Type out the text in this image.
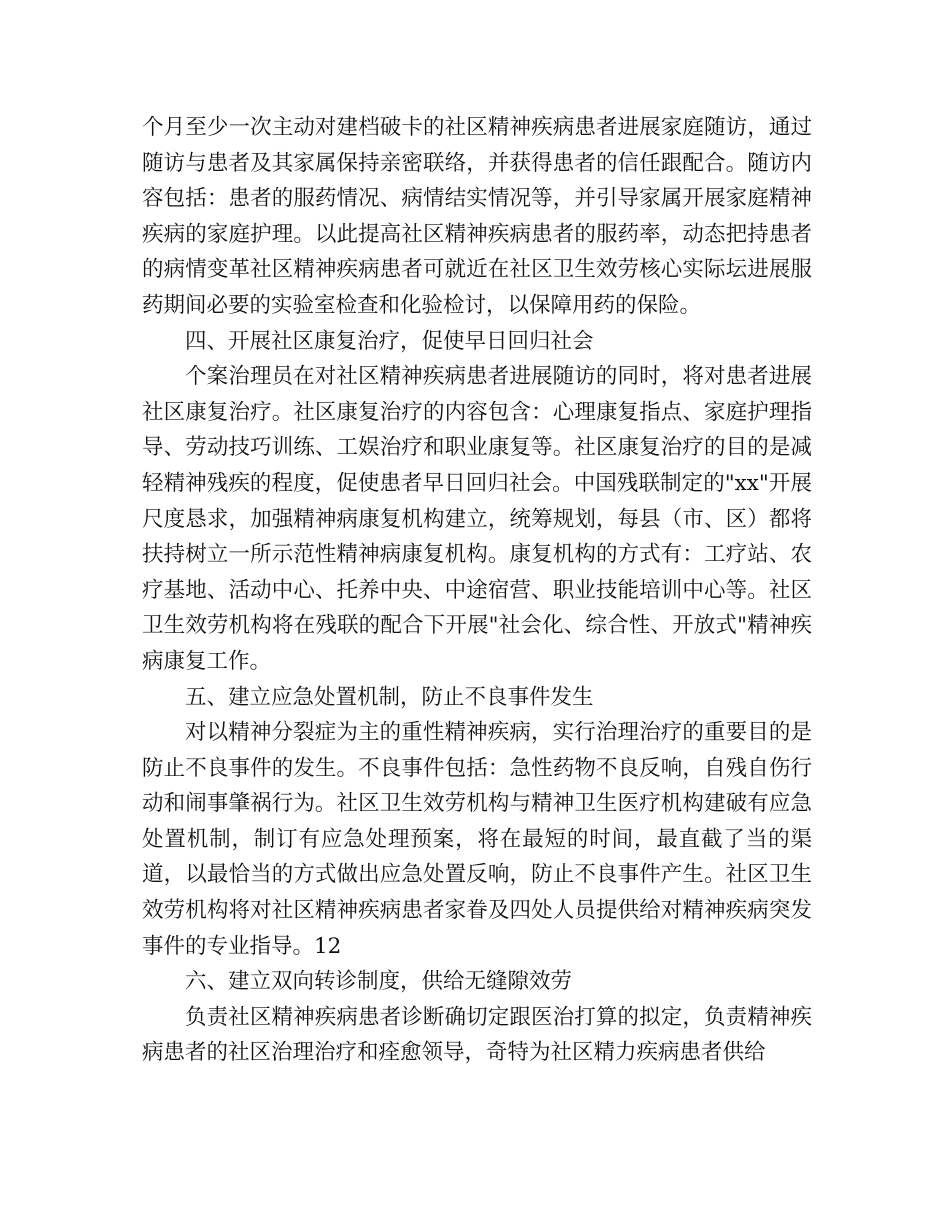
个月至少一次主动对建档破卡的社区精神疾病患者进展家庭随访，通过随访与患者及其家属保持亲密联络，并获得患者的信任跟配合。随访内容包括：患者的服药情况、病情结实情况等，并引导家属开展家庭精神疾病的家庭护理。以此提高社区精神疾病患者的服药率，动态把持患者的病情变革社区精神疾病患者可就近在社区卫生效劳核心实际坛进展服药期间必要的实验室检查和化验检讨，以保障用药的保险。

四、开展社区康复治疗，促使早日回归社会

个案治理员在对社区精神疾病患者进展随访的同时，将对患者进展社区康复治疗。社区康复治疗的内容包含：心理康复指点、家庭护理指导、劳动技巧训练、工娱治疗和职业康复等。社区康复治疗的目的是减轻精神残疾的程度，促使患者早日回归社会。中国残联制定的"xx"开展尺度恳求，加强精神病康复机构建立，统筹规划，每县（市、区）都将扶持树立一所示范性精神病康复机构。康复机构的方式有：工疗站、农疗基地、活动中心、托养中央、中途宿营、职业技能培训中心等。社区卫生效劳机构将在残联的配合下开展"社会化、综合性、开放式"精神疾病康复工作。

五、建立应急处置机制，防止不良事件发生

对以精神分裂症为主的重性精神疾病，实行治理治疗的重要目的是防止不良事件的发生。不良事件包括：急性药物不良反响，自残自伤行动和闹事肇祸行为。社区卫生效劳机构与精神卫生医疗机构建破有应急处置机制，制订有应急处理预案，将在最短的时间，最直截了当的渠道，以最恰当的方式做出应急处置反响，防止不良事件产生。社区卫生效劳机构将对社区精神疾病患者家眷及四处人员提供给对精神疾病突发事件的专业指导。12

六、建立双向转诊制度，供给无缝隙效劳

负责社区精神疾病患者诊断确切定跟医治打算的拟定，负责精神疾病患者的社区治理治疗和痊愈领导，奇特为社区精力疾病患者供给
